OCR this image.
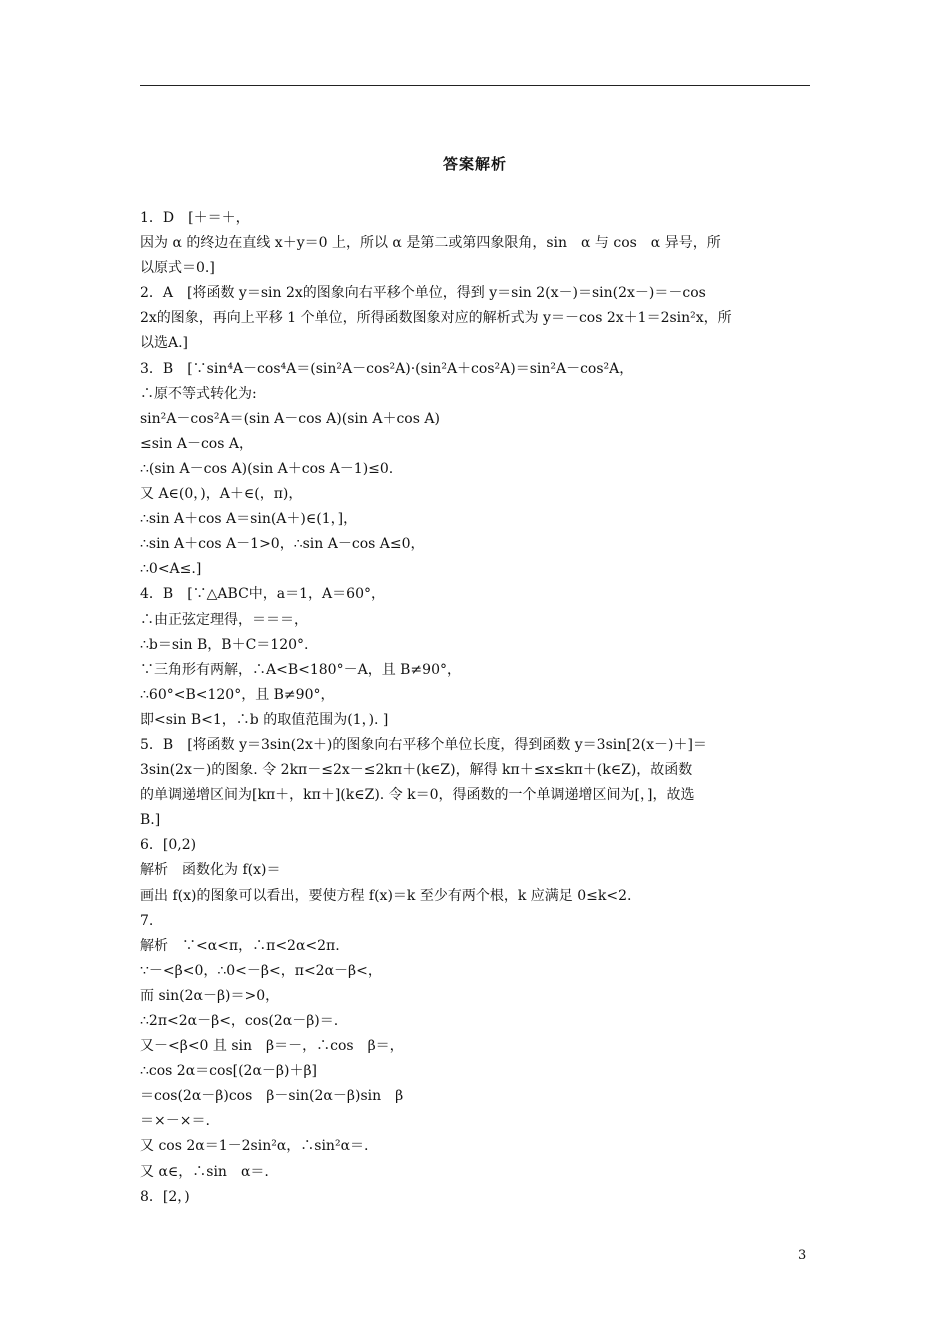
答案解析
1．D　[＋＝＋，
因为 α 的终边在直线 x＋y＝0 上，所以 α 是第二或第四象限角，sin　α 与 cos　α 异号，所
以原式＝0.]
2．A　[将函数 y＝sin 2x的图象向右平移个单位，得到 y＝sin 2(x－)＝sin(2x－)＝－cos
2x的图象，再向上平移 1 个单位，所得函数图象对应的解析式为 y＝－cos 2x＋1＝2sin²x，所
以选A.]
3．B　[∵sin⁴A－cos⁴A＝(sin²A－cos²A)·(sin²A＋cos²A)＝sin²A－cos²A，
∴原不等式转化为:
sin²A－cos²A＝(sin A－cos A)(sin A＋cos A)
≤sin A－cos A，
∴(sin A－cos A)(sin A＋cos A－1)≤0.
又 A∈(0，)，A＋∈(，π)，
∴sin A＋cos A＝sin(A＋)∈(1，]，
∴sin A＋cos A－1>0，∴sin A－cos A≤0，
∴0<A≤.]
4．B　[∵△ABC中，a＝1，A＝60°，
∴由正弦定理得，＝＝＝，
∴b＝sin B，B＋C＝120°.
∵三角形有两解，∴A<B<180°－A，且 B≠90°，
∴60°<B<120°，且 B≠90°，
即<sin B<1，∴b 的取值范围为(1，). ]
5．B　[将函数 y＝3sin(2x＋)的图象向右平移个单位长度，得到函数 y＝3sin[2(x－)＋]＝
3sin(2x－)的图象. 令 2kπ－≤2x－≤2kπ＋(k∈Z)，解得 kπ＋≤x≤kπ＋(k∈Z)，故函数
的单调递增区间为[kπ＋，kπ＋](k∈Z). 令 k＝0，得函数的一个单调递增区间为[，]，故选
B.]
6．[0,2)
解析　函数化为 f(x)＝
画出 f(x)的图象可以看出，要使方程 f(x)＝k 至少有两个根，k 应满足 0≤k<2.
7.
解析　∵<α<π，∴π<2α<2π.
∵－<β<0，∴0<－β<，π<2α－β<，
而 sin(2α－β)＝>0，
∴2π<2α－β<，cos(2α－β)＝.
又－<β<0 且 sin　β＝－，∴cos　β＝，
∴cos 2α＝cos[(2α－β)＋β]
＝cos(2α－β)cos　β－sin(2α－β)sin　β
＝×－×＝.
又 cos 2α＝1－2sin²α，∴sin²α＝.
又 α∈，∴sin　α＝.
8．[2，)
3
